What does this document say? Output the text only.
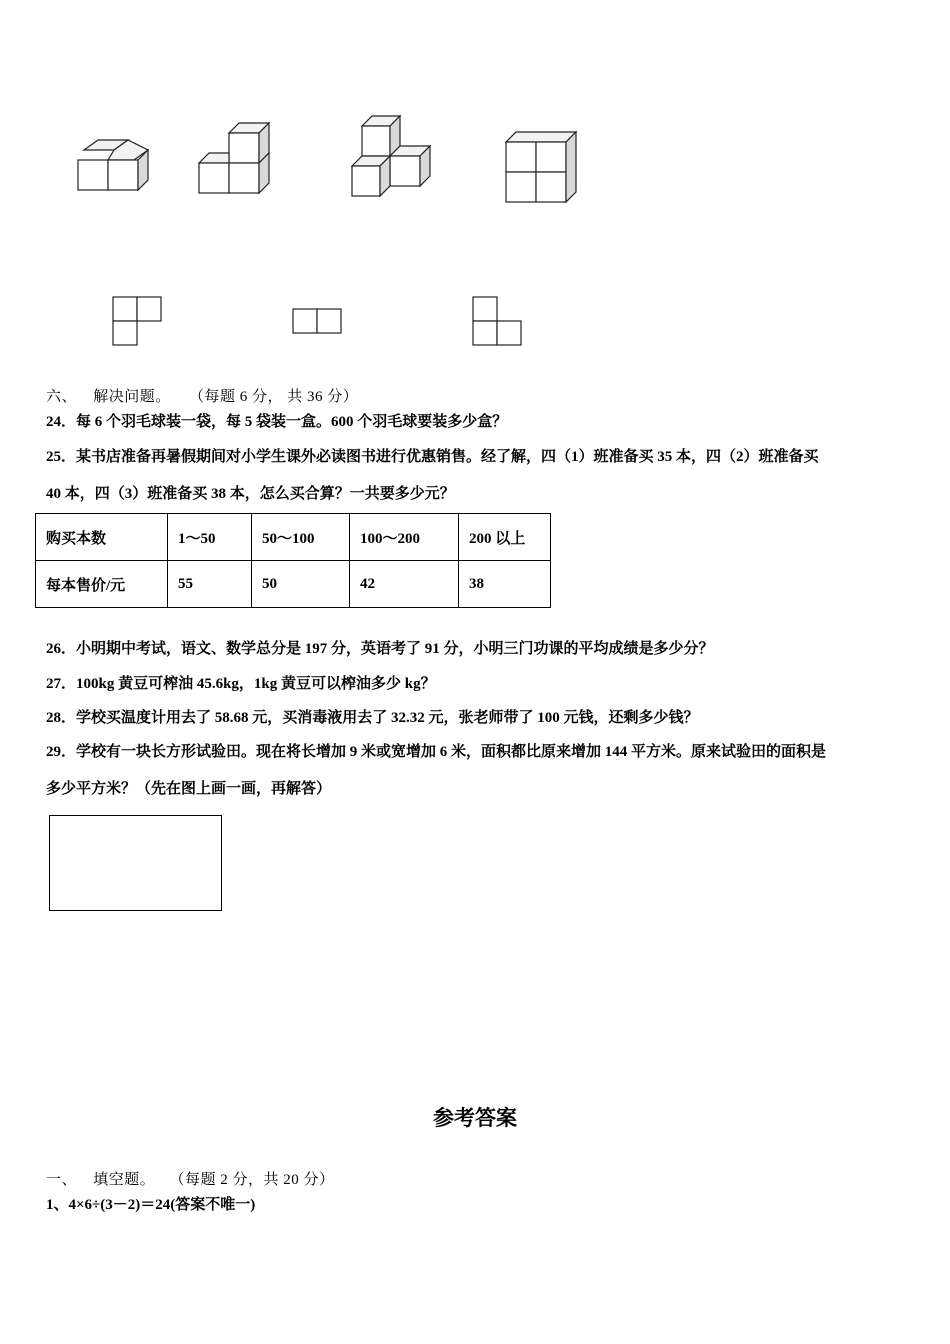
六、 解决问题。 （每题 6 分， 共 36 分）
24．每 6 个羽毛球装一袋，每 5 袋装一盒。600 个羽毛球要装多少盒？
25．某书店准备再暑假期间对小学生课外必读图书进行优惠销售。经了解，四（1）班准备买 35 本，四（2）班准备买
40 本，四（3）班准备买 38 本，怎么买合算？一共要多少元？
购买本数	1～50	50～100	100～200	200 以上
每本售价/元	55	50	42	38
26．小明期中考试，语文、数学总分是 197 分，英语考了 91 分，小明三门功课的平均成绩是多少分？
27．100kg 黄豆可榨油 45.6kg，1kg 黄豆可以榨油多少 kg？
28．学校买温度计用去了 58.68 元，买消毒液用去了 32.32 元，张老师带了 100 元钱，还剩多少钱？
29．学校有一块长方形试验田。现在将长增加 9 米或宽增加 6 米，面积都比原来增加 144 平方米。原来试验田的面积是
多少平方米？（先在图上画一画，再解答）
参考答案
一、 填空题。 （每题 2 分，共 20 分）
1、4×6÷(3－2)＝24(答案不唯一)
